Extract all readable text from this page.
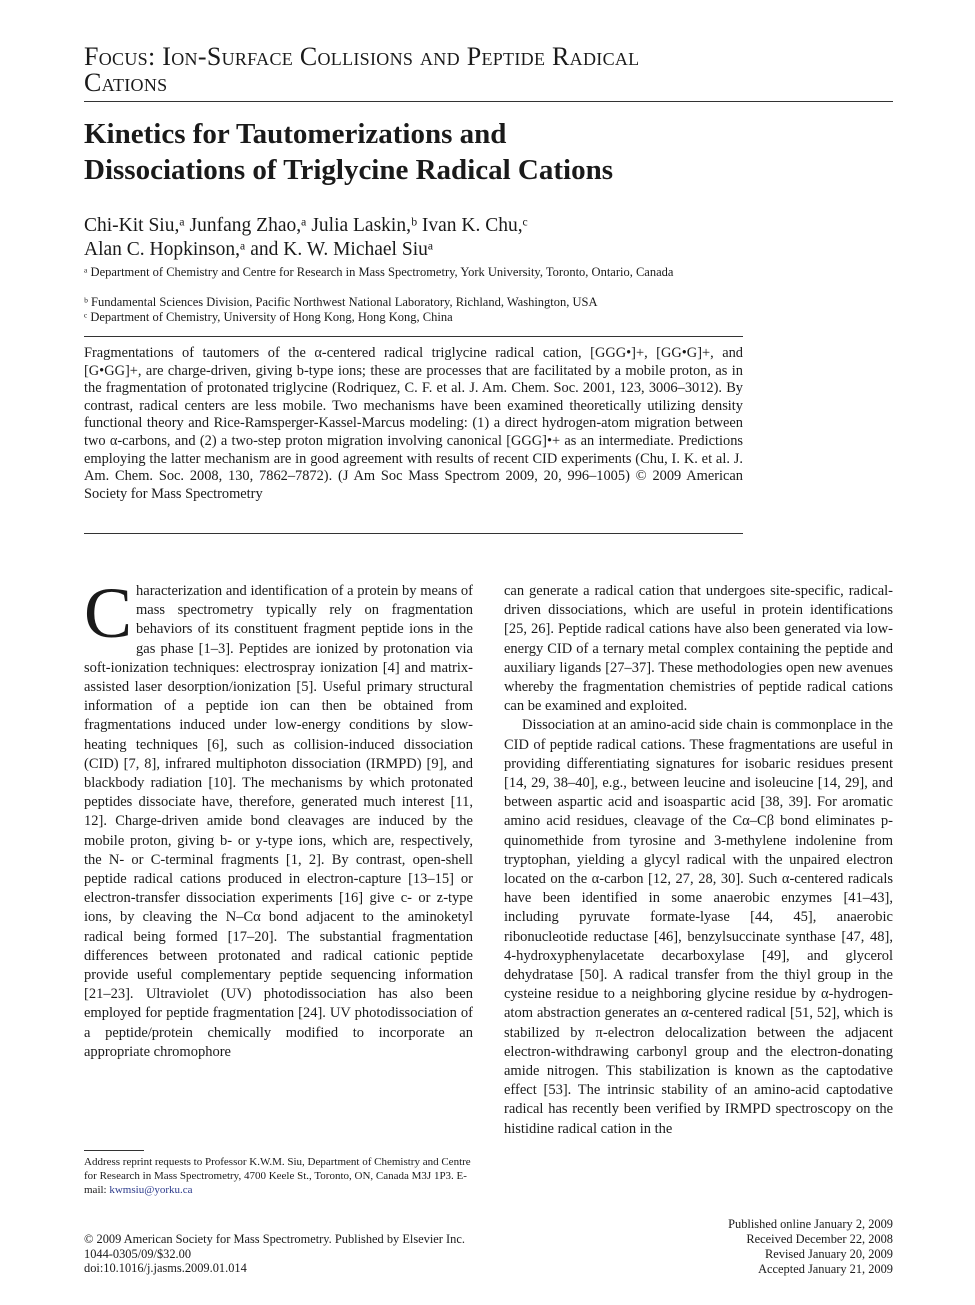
Focus: Ion-Surface Collisions and Peptide Radical
Cations
Kinetics for Tautomerizations and
Dissociations of Triglycine Radical Cations
Chi-Kit Siu,ᵃ Junfang Zhao,ᵃ Julia Laskin,ᵇ Ivan K. Chu,ᶜ
Alan C. Hopkinson,ᵃ and K. W. Michael Siuᵃ
ᵃ Department of Chemistry and Centre for Research in Mass Spectrometry, York University, Toronto, Ontario, Canada
ᵇ Fundamental Sciences Division, Pacific Northwest National Laboratory, Richland, Washington, USA
ᶜ Department of Chemistry, University of Hong Kong, Hong Kong, China
Fragmentations of tautomers of the α-centered radical triglycine radical cation, [GGG•]+, [GG•G]+, and [G•GG]+, are charge-driven, giving b-type ions; these are processes that are facilitated by a mobile proton, as in the fragmentation of protonated triglycine (Rodriquez, C. F. et al. J. Am. Chem. Soc. 2001, 123, 3006–3012). By contrast, radical centers are less mobile. Two mechanisms have been examined theoretically utilizing density functional theory and Rice-Ramsperger-Kassel-Marcus modeling: (1) a direct hydrogen-atom migration between two α-carbons, and (2) a two-step proton migration involving canonical [GGG]•+ as an intermediate. Predictions employing the latter mechanism are in good agreement with results of recent CID experiments (Chu, I. K. et al. J. Am. Chem. Soc. 2008, 130, 7862–7872). (J Am Soc Mass Spectrom 2009, 20, 996–1005) © 2009 American Society for Mass Spectrometry

C haracterization and identification of a protein by means of mass spectrometry typically rely on fragmentation behaviors of its constituent fragment peptide ions in the gas phase [1–3]. Peptides are ionized by protonation via soft-ionization techniques: electrospray ionization [4] and matrix-assisted laser desorption/ionization [5]. Useful primary structural information of a peptide ion can then be obtained from fragmentations induced under low-energy conditions by slow-heating techniques [6], such as collision-induced dissociation (CID) [7, 8], infrared multiphoton dissociation (IRMPD) [9], and blackbody radiation [10]. The mechanisms by which protonated peptides dissociate have, therefore, generated much interest [11, 12]. Charge-driven amide bond cleavages are induced by the mobile proton, giving b- or y-type ions, which are, respectively, the N- or C-terminal fragments [1, 2]. By contrast, open-shell peptide radical cations produced in electron-capture [13–15] or electron-transfer dissociation experiments [16] give c- or z-type ions, by cleaving the N–Cα bond adjacent to the aminoketyl radical being formed [17–20]. The substantial fragmentation differences between protonated and radical cationic peptide provide useful complementary peptide sequencing information [21–23]. Ultraviolet (UV) photodissociation has also been employed for peptide fragmentation [24]. UV photodissociation of a peptide/protein chemically modified to incorporate an appropriate chromophore

can generate a radical cation that undergoes site-specific, radical-driven dissociations, which are useful in protein identifications [25, 26]. Peptide radical cations have also been generated via low-energy CID of a ternary metal complex containing the peptide and auxiliary ligands [27–37]. These methodologies open new avenues whereby the fragmentation chemistries of peptide radical cations can be examined and exploited.

Dissociation at an amino-acid side chain is commonplace in the CID of peptide radical cations. These fragmentations are useful in providing differentiating signatures for isobaric residues present [14, 29, 38–40], e.g., between leucine and isoleucine [14, 29], and between aspartic acid and isoaspartic acid [38, 39]. For aromatic amino acid residues, cleavage of the Cα–Cβ bond eliminates p-quinomethide from tyrosine and 3-methylene indolenine from tryptophan, yielding a glycyl radical with the unpaired electron located on the α-carbon [12, 27, 28, 30]. Such α-centered radicals have been identified in some anaerobic enzymes [41–43], including pyruvate formate-lyase [44, 45], anaerobic ribonucleotide reductase [46], benzylsuccinate synthase [47, 48], 4-hydroxyphenylacetate decarboxylase [49], and glycerol dehydratase [50]. A radical transfer from the thiyl group in the cysteine residue to a neighboring glycine residue by α-hydrogen-atom abstraction generates an α-centered radical [51, 52], which is stabilized by π-electron delocalization between the adjacent electron-withdrawing carbonyl group and the electron-donating amide nitrogen. This stabilization is known as the captodative effect [53]. The intrinsic stability of an amino-acid captodative radical has recently been verified by IRMPD spectroscopy on the histidine radical cation in the

Address reprint requests to Professor K.W.M. Siu, Department of Chemistry and Centre for Research in Mass Spectrometry, 4700 Keele St., Toronto, ON, Canada M3J 1P3. E-mail: kwmsiu@yorku.ca
© 2009 American Society for Mass Spectrometry. Published by Elsevier Inc.
1044-0305/09/$32.00
doi:10.1016/j.jasms.2009.01.014
Published online January 2, 2009
Received December 22, 2008
Revised January 20, 2009
Accepted January 21, 2009
